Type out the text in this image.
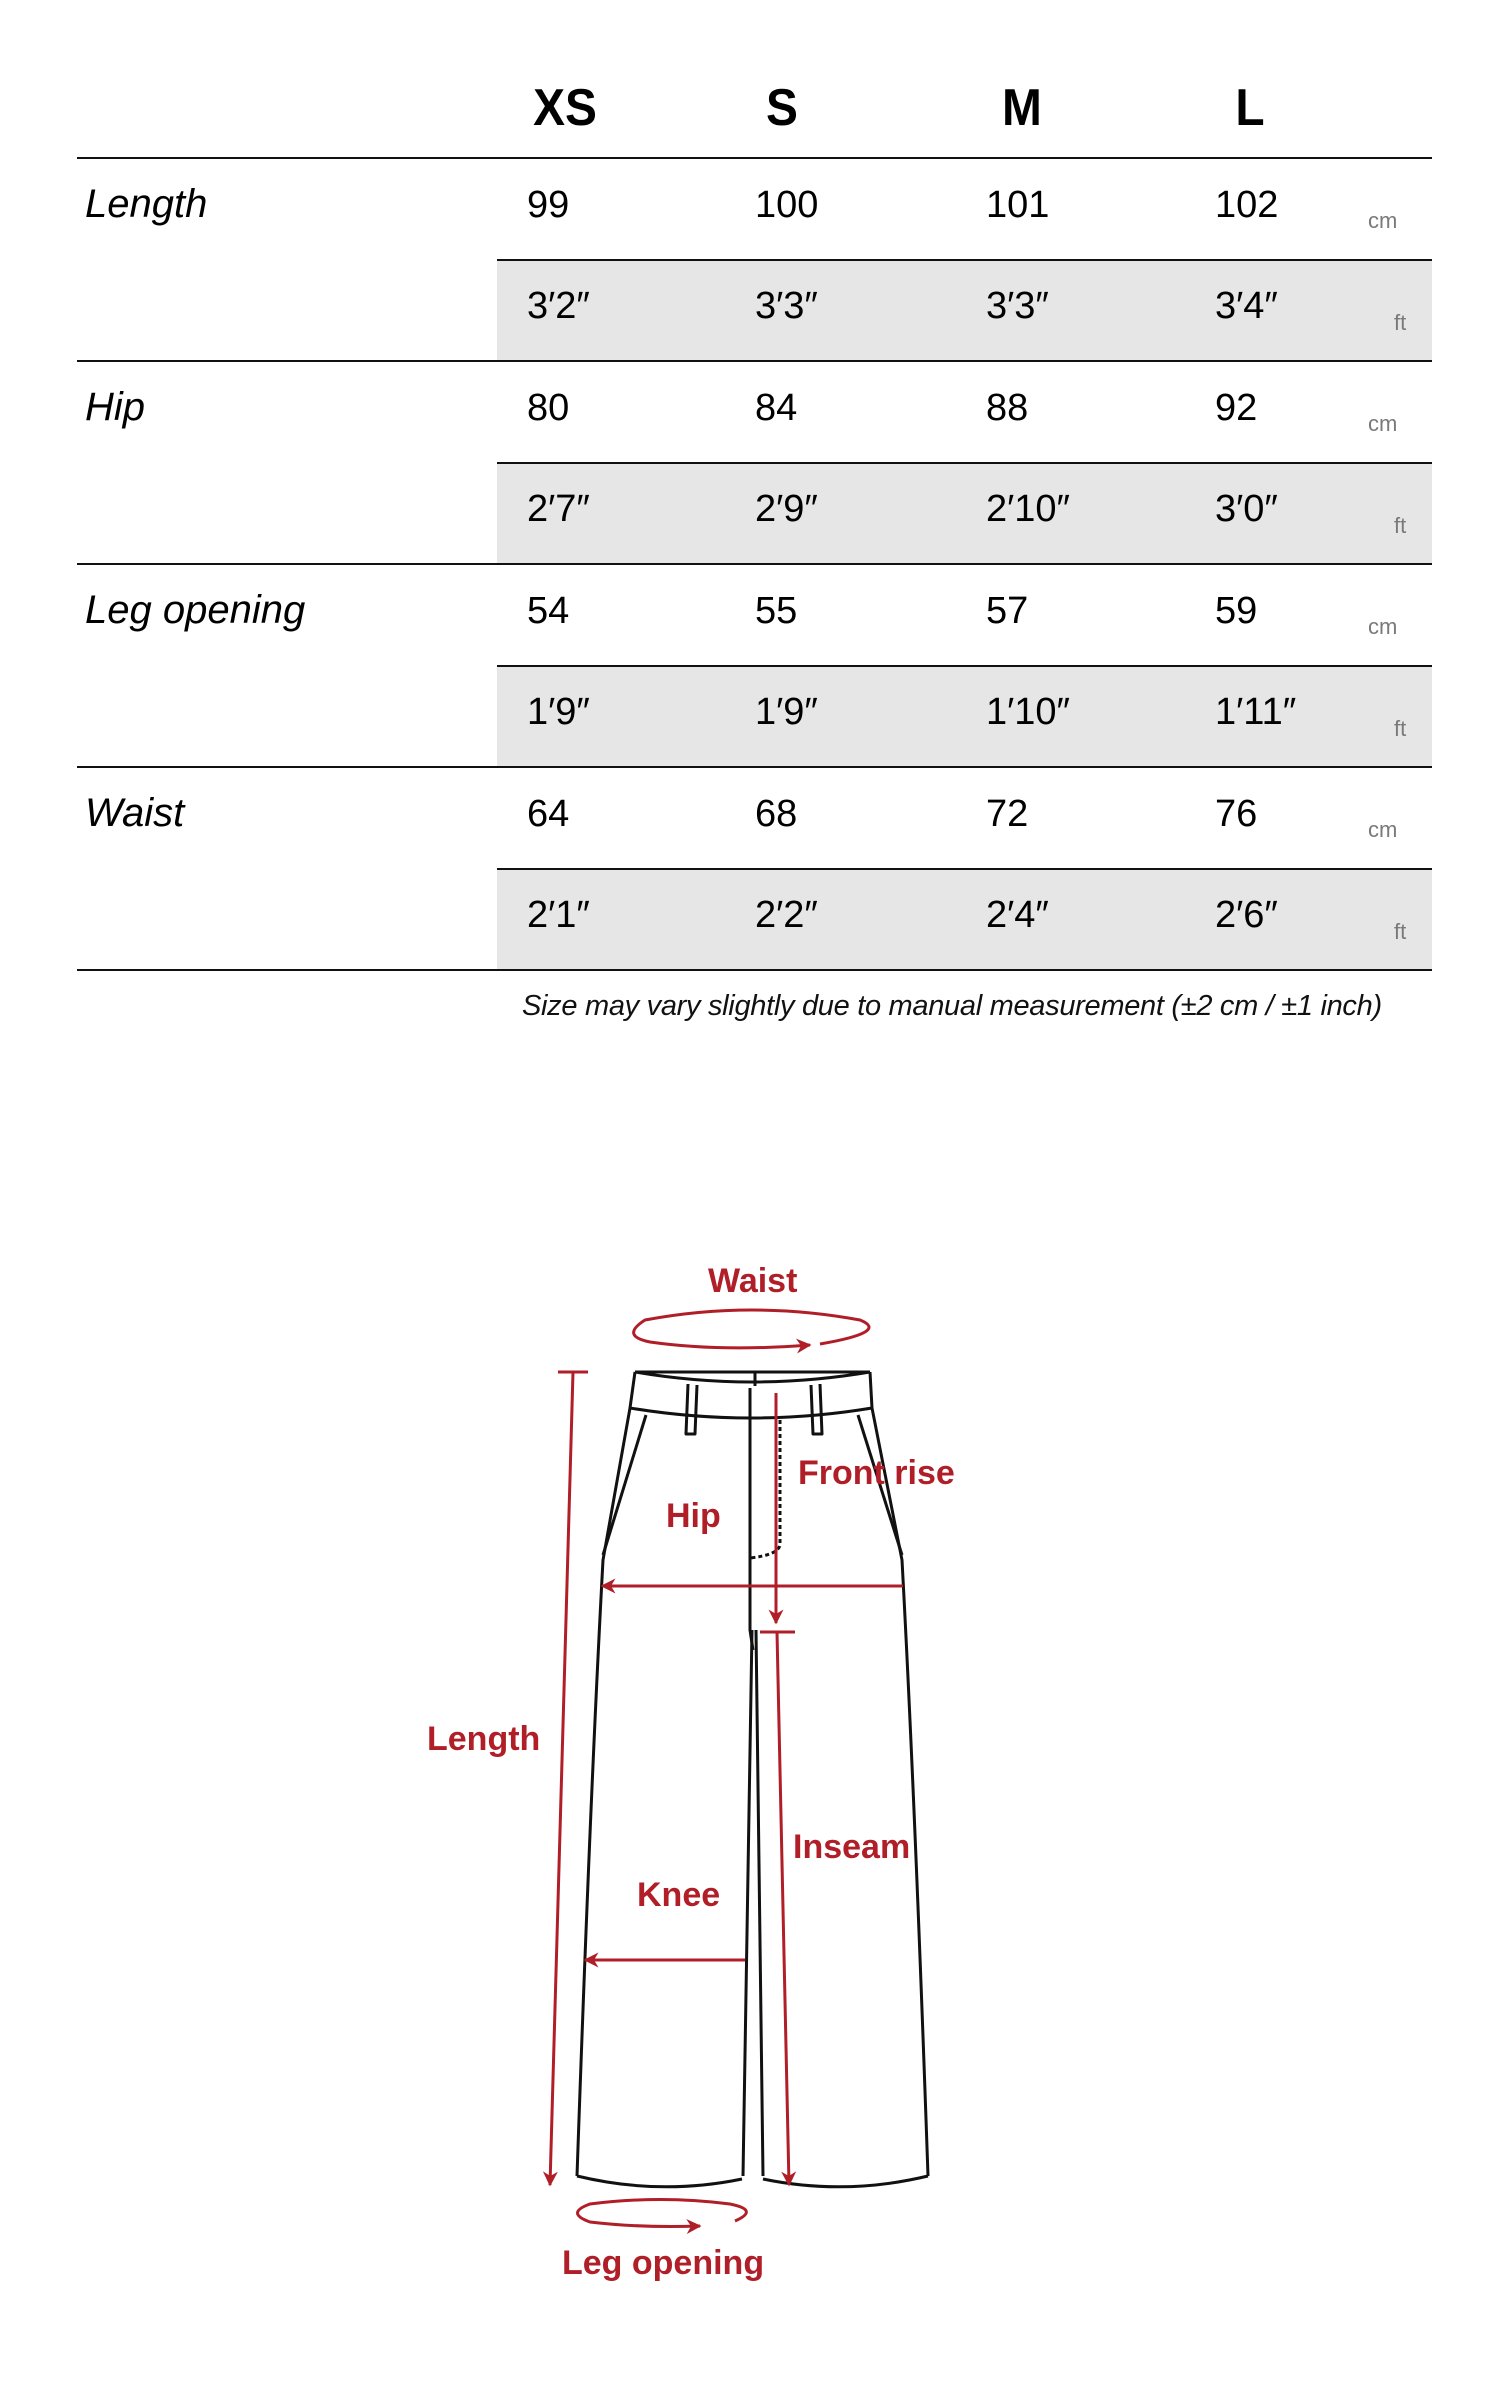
XS	S	M	L
Length	99	100	101	102	cm
3′2″	3′3″	3′3″	3′4″	ft
Hip	80	84	88	92	cm
2′7″	2′9″	2′10″	3′0″	ft
Leg opening	54	55	57	59	cm
1′9″	1′9″	1′10″	1′11″	ft
Waist	64	68	72	76	cm
2′1″	2′2″	2′4″	2′6″	ft
Size may vary slightly due to manual measurement (±2 cm / ±1 inch)
Waist
Front rise
Hip
Length
Inseam
Knee
Leg opening
